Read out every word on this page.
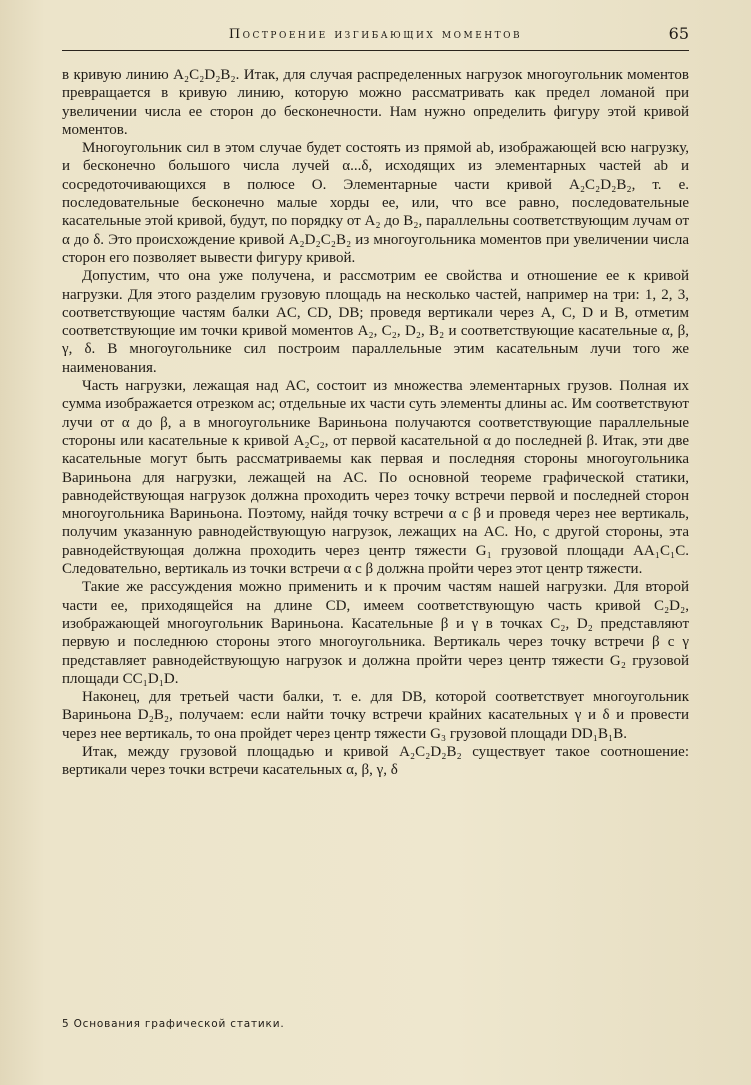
Построение изгибающих моментов	65

в кривую линию A₂C₂D₂B₂. Итак, для случая распределенных нагрузок многоугольник моментов превращается в кривую линию, которую можно рассматривать как предел ломаной при увеличении числа ее сторон до бесконечности. Нам нужно определить фигуру этой кривой моментов.

Многоугольник сил в этом случае будет состоять из прямой ab, изображающей всю нагрузку, и бесконечно большого числа лучей α...δ, исходящих из элементарных частей ab и сосредоточивающихся в полюсе O. Элементарные части кривой A₂C₂D₂B₂, т. е. последовательные бесконечно малые хорды ее, или, что все равно, последовательные касательные этой кривой, будут, по порядку от A₂ до B₂, параллельны соответствующим лучам от α до δ. Это происхождение кривой A₂D₂C₂B₂ из многоугольника моментов при увеличении числа сторон его позволяет вывести фигуру кривой.

Допустим, что она уже получена, и рассмотрим ее свойства и отношение ее к кривой нагрузки. Для этого разделим грузовую площадь на несколько частей, например на три: 1, 2, 3, соответствующие частям балки AC, CD, DB; проведя вертикали через A, C, D и B, отметим соответствующие им точки кривой моментов A₂, C₂, D₂, B₂ и соответствующие касательные α, β, γ, δ. В многоугольнике сил построим параллельные этим касательным лучи того же наименования.

Часть нагрузки, лежащая над AC, состоит из множества элементарных грузов. Полная их сумма изображается отрезком ac; отдельные их части суть элементы длины ac. Им соответствуют лучи от α до β, а в многоугольнике Вариньона получаются соответствующие параллельные стороны или касательные к кривой A₂C₂, от первой касательной α до последней β. Итак, эти две касательные могут быть рассматриваемы как первая и последняя стороны многоугольника Вариньона для нагрузки, лежащей на AC. По основной теореме графической статики, равнодействующая нагрузок должна проходить через точку встречи первой и последней сторон многоугольника Вариньона. Поэтому, найдя точку встречи α с β и проведя через нее вертикаль, получим указанную равнодействующую нагрузок, лежащих на AC. Но, с другой стороны, эта равнодействующая должна проходить через центр тяжести G₁ грузовой площади AA₁C₁C. Следовательно, вертикаль из точки встречи α с β должна пройти через этот центр тяжести.

Такие же рассуждения можно применить и к прочим частям нашей нагрузки. Для второй части ее, приходящейся на длине CD, имеем соответствующую часть кривой C₂D₂, изображающей многоугольник Вариньона. Касательные β и γ в точках C₂, D₂ представляют первую и последнюю стороны этого многоугольника. Вертикаль через точку встречи β с γ представляет равнодействующую нагрузок и должна пройти через центр тяжести G₂ грузовой площади CC₁D₁D.

Наконец, для третьей части балки, т. е. для DB, которой соответствует многоугольник Вариньона D₂B₂, получаем: если найти точку встречи крайних касательных γ и δ и провести через нее вертикаль, то она пройдет через центр тяжести G₃ грузовой площади DD₁B₁B.

Итак, между грузовой площадью и кривой A₂C₂D₂B₂ существует такое соотношение: вертикали через точки встречи касательных α, β, γ, δ

5 Основания графической статики.
